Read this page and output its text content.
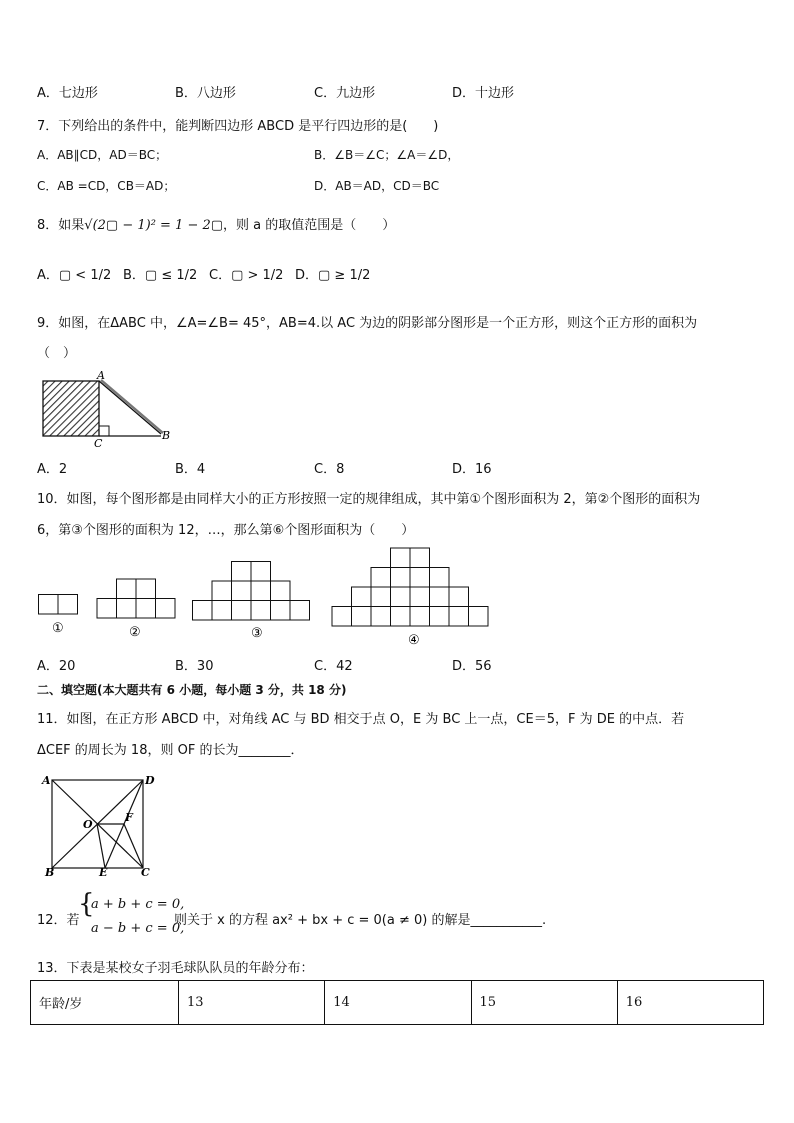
A．七边形	B．八边形	C．九边形	D．十边形
7．下列给出的条件中，能判断四边形 ABCD 是平行四边形的是(　　)
A．AB∥CD，AD＝BC；	B．∠B＝∠C；∠A＝∠D，
C．AB =CD，CB＝AD；	D．AB＝AD，CD＝BC
8．如果√(2▢ − 1)² = 1 − 2▢，则 a 的取值范围是（　　）
A．▢ < 1/2 B．▢ ≤ 1/2 C．▢ > 1/2 D．▢ ≥ 1/2
9．如图，在ΔABC 中，∠A=∠B= 45°，AB=4.以 AC 为边的阴影部分图形是一个正方形，则这个正方形的面积为
（　）
A
C
B
A．2	B．4	C．8	D．16
10．如图，每个图形都是由同样大小的正方形按照一定的规律组成，其中第①个图形面积为 2，第②个图形的面积为
6，第③个图形的面积为 12，…，那么第⑥个图形面积为（　　）
①	②	③	④
A．20	B．30	C．42	D．56
二、填空题(本大题共有 6 小题，每小题 3 分，共 18 分)
11．如图，在正方形 ABCD 中，对角线 AC 与 BD 相交于点 O，E 为 BC 上一点，CE＝5，F 为 DE 的中点．若
ΔCEF 的周长为 18，则 OF 的长为________．
A	D
O
F
B	E	C
12．若
{
a + b + c = 0,
a − b + c = 0,
则关于 x 的方程 ax² + bx + c = 0(a ≠ 0) 的解是___________.
13．下表是某校女子羽毛球队队员的年龄分布：
年龄/岁	13	14	15	16
